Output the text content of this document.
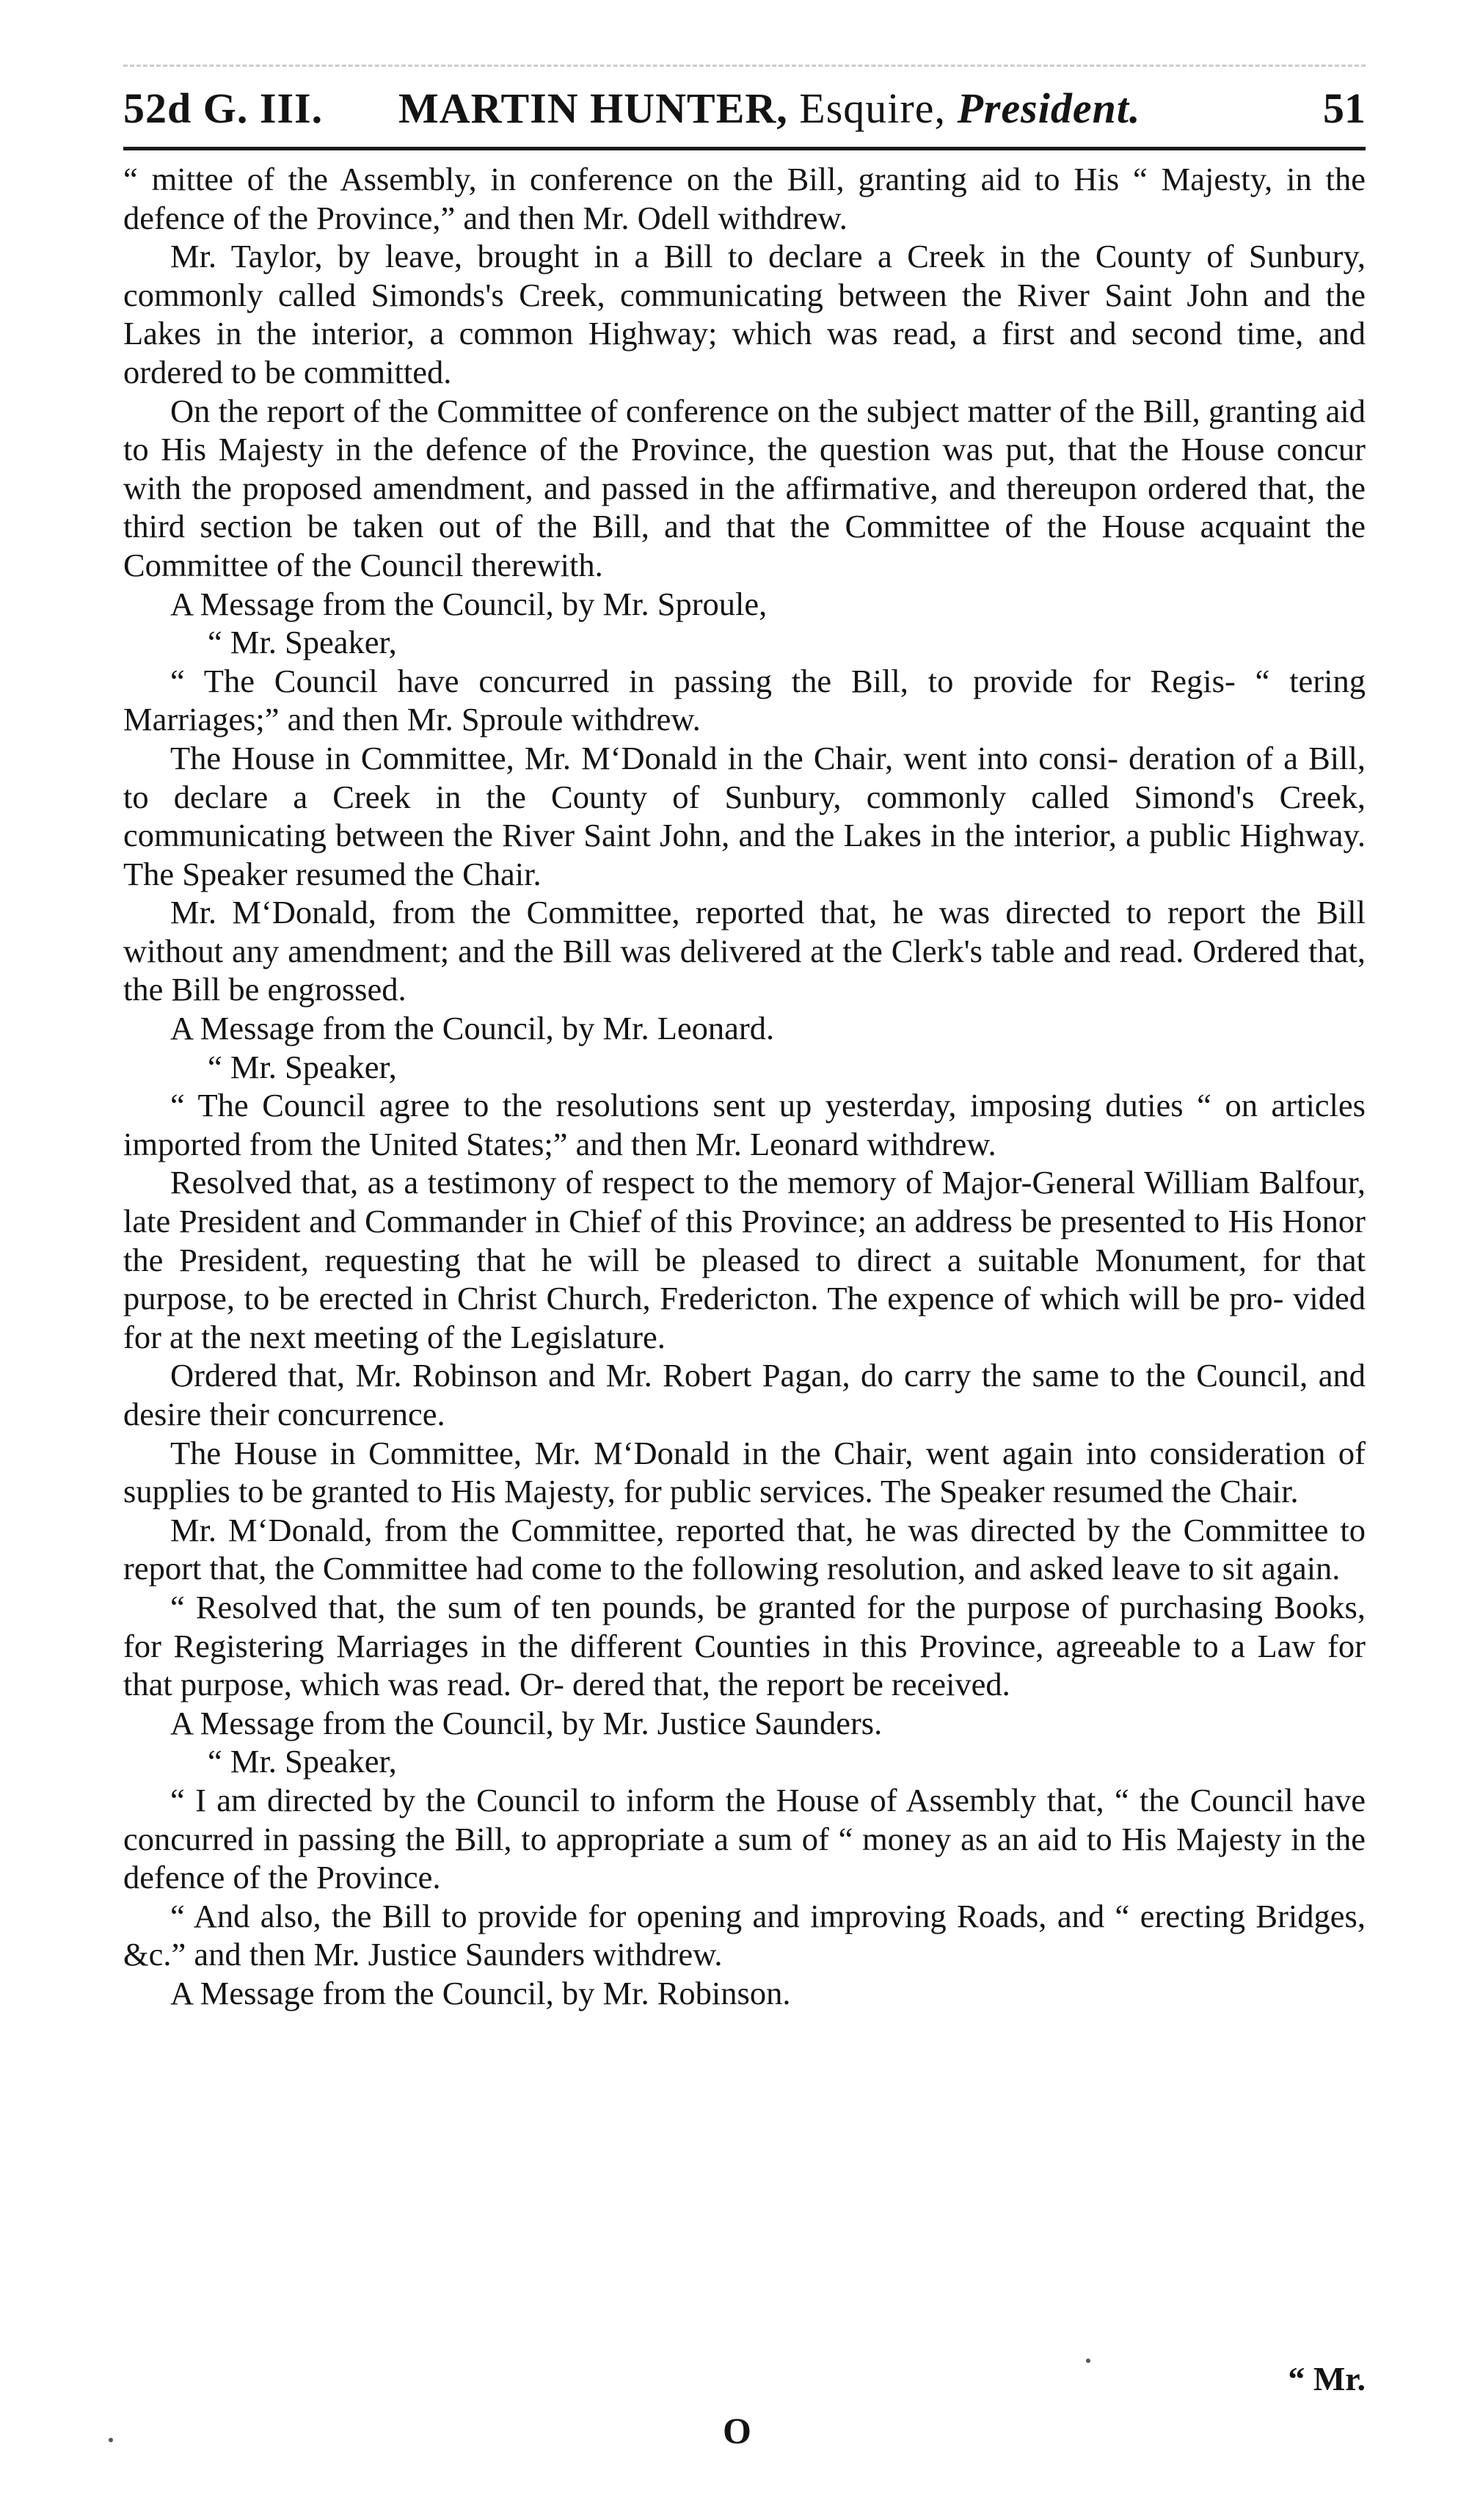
52d G. III. MARTIN HUNTER, Esquire, President.	51

“ mittee of the Assembly, in conference on the Bill, granting aid to His “ Majesty, in the defence of the Province,” and then Mr. Odell withdrew.

Mr. Taylor, by leave, brought in a Bill to declare a Creek in the County of Sunbury, commonly called Simonds's Creek, communicating between the River Saint John and the Lakes in the interior, a common Highway; which was read, a first and second time, and ordered to be committed.

On the report of the Committee of conference on the subject matter of the Bill, granting aid to His Majesty in the defence of the Province, the question was put, that the House concur with the proposed amendment, and passed in the affirmative, and thereupon ordered that, the third section be taken out of the Bill, and that the Committee of the House acquaint the Committee of the Council therewith.

A Message from the Council, by Mr. Sproule,

“ Mr. Speaker,

“ The Council have concurred in passing the Bill, to provide for Regis- “ tering Marriages;” and then Mr. Sproule withdrew.

The House in Committee, Mr. M‘Donald in the Chair, went into consi- deration of a Bill, to declare a Creek in the County of Sunbury, commonly called Simond's Creek, communicating between the River Saint John, and the Lakes in the interior, a public Highway. The Speaker resumed the Chair.

Mr. M‘Donald, from the Committee, reported that, he was directed to report the Bill without any amendment; and the Bill was delivered at the Clerk's table and read. Ordered that, the Bill be engrossed.

A Message from the Council, by Mr. Leonard.

“ Mr. Speaker,

“ The Council agree to the resolutions sent up yesterday, imposing duties “ on articles imported from the United States;” and then Mr. Leonard withdrew.

Resolved that, as a testimony of respect to the memory of Major-General William Balfour, late President and Commander in Chief of this Province; an address be presented to His Honor the President, requesting that he will be pleased to direct a suitable Monument, for that purpose, to be erected in Christ Church, Fredericton. The expence of which will be pro- vided for at the next meeting of the Legislature.

Ordered that, Mr. Robinson and Mr. Robert Pagan, do carry the same to the Council, and desire their concurrence.

The House in Committee, Mr. M‘Donald in the Chair, went again into consideration of supplies to be granted to His Majesty, for public services. The Speaker resumed the Chair.

Mr. M‘Donald, from the Committee, reported that, he was directed by the Committee to report that, the Committee had come to the following resolution, and asked leave to sit again.

“ Resolved that, the sum of ten pounds, be granted for the purpose of purchasing Books, for Registering Marriages in the different Counties in this Province, agreeable to a Law for that purpose, which was read. Or- dered that, the report be received.

A Message from the Council, by Mr. Justice Saunders.

“ Mr. Speaker,

“ I am directed by the Council to inform the House of Assembly that, “ the Council have concurred in passing the Bill, to appropriate a sum of “ money as an aid to His Majesty in the defence of the Province.

“ And also, the Bill to provide for opening and improving Roads, and “ erecting Bridges, &c.” and then Mr. Justice Saunders withdrew.

A Message from the Council, by Mr. Robinson.

“ Mr.
O
